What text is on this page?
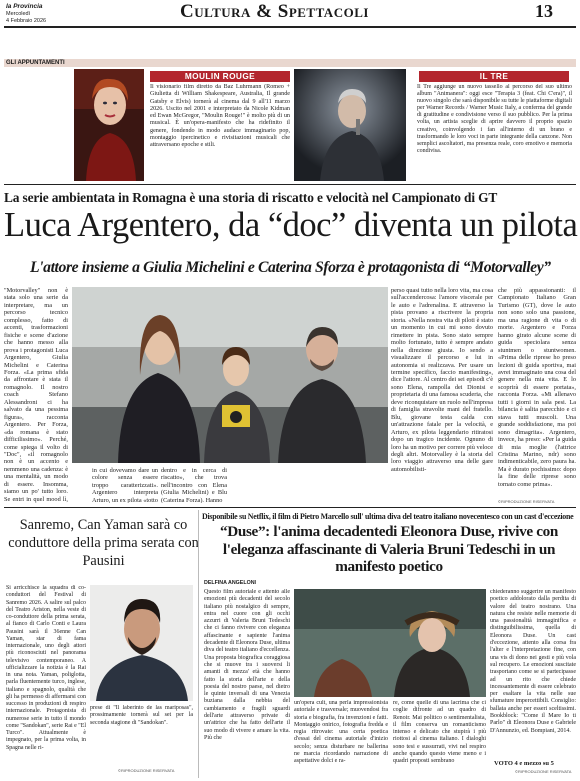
la Provincia
Mercoledì
4 Febbraio 2026	Cultura & Spettacoli	13
GLI APPUNTAMENTI
MOULIN ROUGE
Il visionario film diretto da Baz Luhrmann (Romeo + Giulietta di William Shakespeare, Australia, Il grande Gatsby e Elvis) tornerà al cinema dal 9 all'11 marzo 2026. Uscito nel 2001 e interpretato da Nicole Kidman ed Ewan McGregor, "Moulin Rouge!" è molto più di un musical. È un'opera-manifesto che ha ridefinito il genere, fondendo in modo audace immaginario pop, montaggio ipercinetico e rivisitazioni musicali che attraversano epoche e stili.
IL TRE
Il Tre aggiunge un nuovo tassello al percorso del suo ultimo album "Animanera": oggi esce "Terapia 3 (feat. Chi C'era)", il nuovo singolo che sarà disponibile su tutte le piattaforme digitali per Warner Records / Warner Music Italy, a conferma del grande di gratitudine e condivisione verso il suo pubblico. Per la prima volta, un artista sceglie di aprire davvero il proprio spazio creativo, coinvolgendo i fan all'interno di un brano e trasformando le loro voci in parte integrante della canzone. Non semplici ascoltatori, ma presenza reale, coro emotivo e memoria condivisa.
La serie ambientata in Romagna è una storia di riscatto e velocità nel Campionato di GT
Luca Argentero, da “doc” diventa un pilota
L'attore insieme a Giulia Michelini e Caterina Sforza è protagonista di “Motorvalley”
"Motorvalley" non è stata solo una serie da interpretare, ma un percorso tecnico complesso, fatto di accenti, trasformazioni fisiche e scene d'azione che hanno messo alla prova i protagonisti Luca Argentero, Giulia Michelini e Caterina Forza. «La prima sfida da affrontare è stata il romagnolo. Il nostro coach Stefano Alessandroni ci ha salvato da una pessima figura», racconta Argentero. Per Forza, «da romana è stato difficilissimo». Perché, come spiega il volto di "Doc", «il romagnolo non è un accento e nemmeno una cadenza: è una mentalità, un modo di essere. Insomma, siamo un po' tutto loro. Se entri in quel mood lì,
in cui dovevamo dare un colore senza essere troppo caratterizzati». Argentero interpreta Arturo, un ex pilota «totto
dentro e in cerca di riscatto», che trova nell'incontro con Elena (Giulia Michelini) e Blu (Caterina Forza). Hanno
perso quasi tutto nella loro vita, ma cosa sull'accendercosa: l'amore viscerale per le auto e l'adrenalina. E attraverso la pista provano a riscrivere la propria storia. «Nella nostra vita di piloti è stato un momento in cui mi sono dovuto rimettere in pista. Sono stato sempre molto fortunato, tutto è sempre andato nella direzione giusta. Io sendo a visualizzare il percorso e lui in autonomia si realizzava. Per usare un termine specifico, faccio manifesting», dice l'attore. Al centro dei sei episodi c'è sono Elena, rampolla dei Dionisi e proprietaria di una famosa scuderia, che deve riconquistare un ruolo nell'impresa di famiglia stravolte mani del fratello. Blu, giovane testa calda con un'attrazione fatale per la velocità, e Arturo, ex pilota leggendario ritiratosi dopo un tragico incidente. Ognuno di loro ha un motivo per correre più veloce degli altri. Motorvalley è la storia del loro viaggio attraverso una delle gare automobilisti-
che più appassionanti: il Campionato Italiano Gran Turismo (GT), dove le auto non sono solo una passione, ma una ragione di vita o di morte. Argentero e Forza hanno girato alcune scene di guida speciolara senza stuntmen o stuntwomen. «Prima delle riprese ho preso lezioni di guida sportiva, mai avrei immaginato una cosa del genere nella mia vita. E lo scoprirà di essere portata», racconta Forza. «Mi allenavo tutti i giorni in sala pesi. La bilancia è salita parecchio e ci stava tutti muscoli. Una grande soddisfazione, ma poi sono dimagrita». Argentero, invece, ha preso: «Per la guida di mia moglie (l'attrice Cristina Marino, ndr) sono indimenticabile, zero paura ha. Ma è durato pochissimo: dopo la fine delle riprese sono tornato come prima».
©RIPRODUZIONE RISERVATA
Sanremo, Can Yaman sarà co conduttore della prima serata con Pausini
Si arricchisce la squadra di co-conduttori del Festival di Sanremo 2026. A salire sul palco del Teatro Ariston, nella veste di co-conduttore della prima serata, al fianco di Carlo Conti e Laura Pausini sarà il 36enne Can Yaman, star di fama internazionale, uno degli attori più riconosciuti nel panorama televisivo contemporaneo. A ufficializzare la notizia è la Rai in una nota. Yaman, poliglotta, parla fluentemente turco, inglese, italiano e spagnolo, qualità che gli ha permesso di affermarsi con successo in produzioni di respiro internazionale. Protagonista di numerose serie in tutto il mondo come "Sandokan", serie Rai e "El Turco". Attualmente è impegnato, per la prima volta, in Spagna nelle ri-
prese di "Il laberinto de las mariposas", prossimamente tornerà sul set per la seconda stagione di "Sandokan".
©RIPRODUZIONE RISERVATA
Disponibile su Netflix, il film di Pietro Marcello sull' ultima diva del teatro italiano novecentesco con un cast d'eccezione
“Duse”: l'anima decadentedi Eleonora Duse, rivive con l'eleganza affascinante di Valeria Bruni Tedeschi in un manifesto poetico
DELFINA ANGELONI
Questo film autoriale e attento alle emozioni più decadenti del secolo italiano più nostalgico di sempre, entra nel cuore con gli occhi azzurri di Valeria Bruni Tedeschi che ci fanno rivivere con eleganza affascinante e sapiente l'anima decadente di Eleonora Duse, ultima diva del teatro italiano d'eccellenza. Una proposta biografica coraggiosa che si muove tra i suoversi li amanti di mezza' età che hanno fatto la storia dell'arte e della poesia del nostro paese, nel dietro le quinte inversali di una Venezia buziana dalla nebbia del cambiamento e fragili sguardi dell'arte attraverso private di un'attrice che ha fatto dell'arte il suo modo di vivere e amare la vita. Più che
un'opera cult, una perla impressionista autoriale e trasversale; muovendosi fra storia e biografia, fra invenzioni e fatti. Montaggio onirico, fotografia fredda e regia ritrovate: una certa poetica d'essai del cinema autoriale d'inizio secolo; senza disturbare ne ballerina ne marcia ricordando narrazione di aspettative dolci e ra-
re, come quelle di una lacrima che ci coglie difronte ad un quadro di Renoir. Mai politico o sentimentalista, il film conserva un romanticismo intenso e delicato che stupirà i più riottosi al cinema italiano. I dialoghi sono tesi e sussurrati, vivi nel respiro anche quando questo viene meno e i quadri proposti sembrano
chiederanno suggerire un manifesto poetico addolorato dalla perdita di valore del teatro nostrano. Una natura che resiste nelle memorie di una passionalità immaginifica e distinguibilissima, quella di Eleonora Duse. Un cast d'eccezione, attento alla corsa fra l'alter e l'interpretazione fine, con una vis di dono nei gesti e più vola sul recupero. Le emozioni suscitate trasportano come se si partecipasse ad un rito che chiede incessantemente di essere celebrato per esaltare la vita nelle sue sfumature impercettibili. Consiglio: ballata anche per esseri sceltissimi. Bookblock: "Come il Mare Io ti Parlo" di Eleonora Duse e Gabriele D'Annunzio, ed. Bompiani, 2014.
VOTO 4 e mezzo su 5
©RIPRODUZIONE RISERVATA
